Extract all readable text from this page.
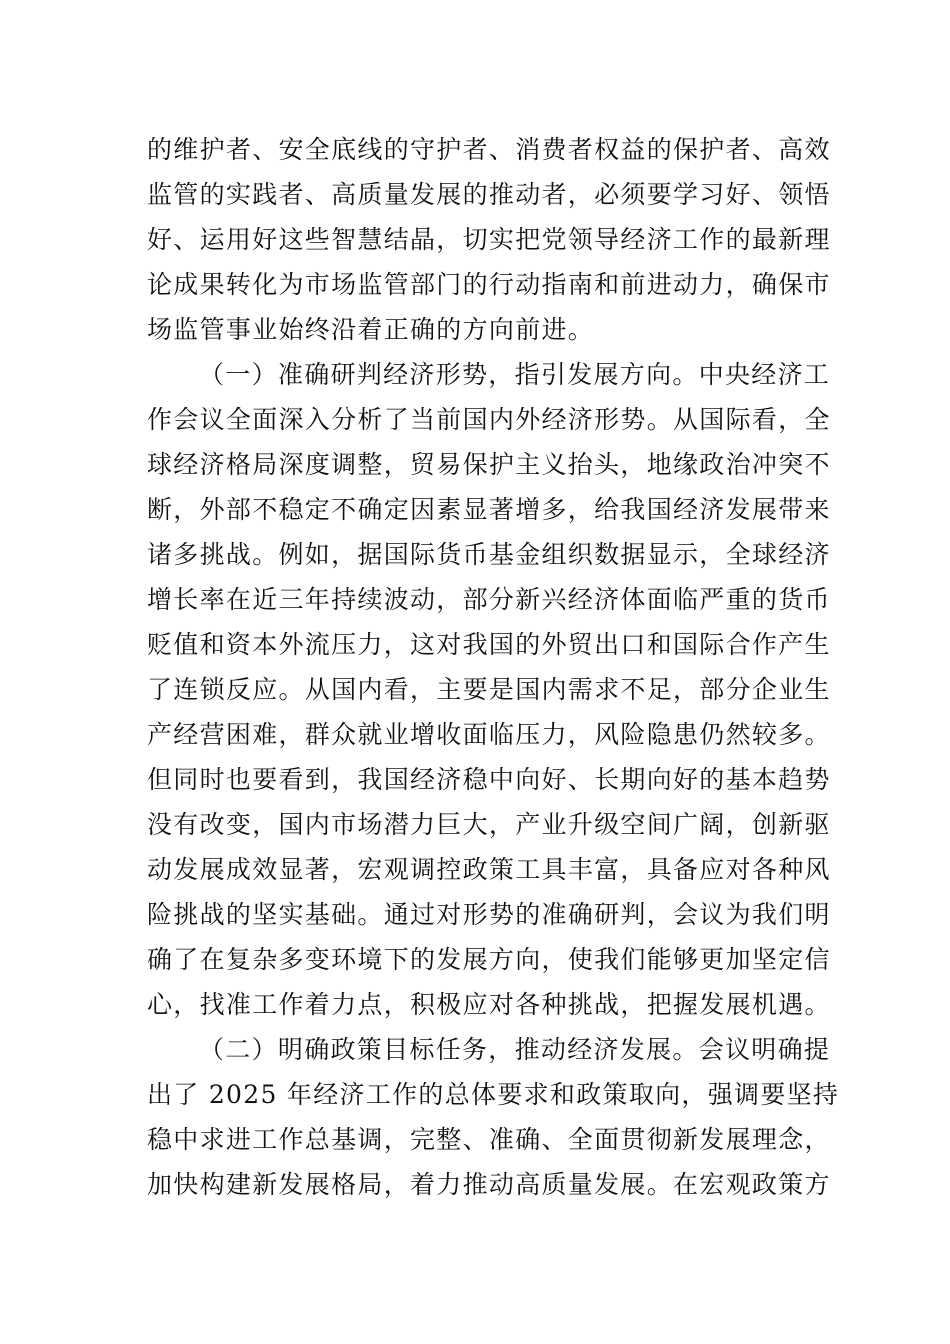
的维护者、安全底线的守护者、消费者权益的保护者、高效
监管的实践者、高质量发展的推动者，必须要学习好、领悟
好、运用好这些智慧结晶，切实把党领导经济工作的最新理
论成果转化为市场监管部门的行动指南和前进动力，确保市
场监管事业始终沿着正确的方向前进。
（一）准确研判经济形势，指引发展方向。中央经济工
作会议全面深入分析了当前国内外经济形势。从国际看，全
球经济格局深度调整，贸易保护主义抬头，地缘政治冲突不
断，外部不稳定不确定因素显著增多，给我国经济发展带来
诸多挑战。例如，据国际货币基金组织数据显示，全球经济
增长率在近三年持续波动，部分新兴经济体面临严重的货币
贬值和资本外流压力，这对我国的外贸出口和国际合作产生
了连锁反应。从国内看，主要是国内需求不足，部分企业生
产经营困难，群众就业增收面临压力，风险隐患仍然较多。
但同时也要看到，我国经济稳中向好、长期向好的基本趋势
没有改变，国内市场潜力巨大，产业升级空间广阔，创新驱
动发展成效显著，宏观调控政策工具丰富，具备应对各种风
险挑战的坚实基础。通过对形势的准确研判，会议为我们明
确了在复杂多变环境下的发展方向，使我们能够更加坚定信
心，找准工作着力点，积极应对各种挑战，把握发展机遇。
（二）明确政策目标任务，推动经济发展。会议明确提
出了 2025 年经济工作的总体要求和政策取向，强调要坚持
稳中求进工作总基调，完整、准确、全面贯彻新发展理念，
加快构建新发展格局，着力推动高质量发展。在宏观政策方
